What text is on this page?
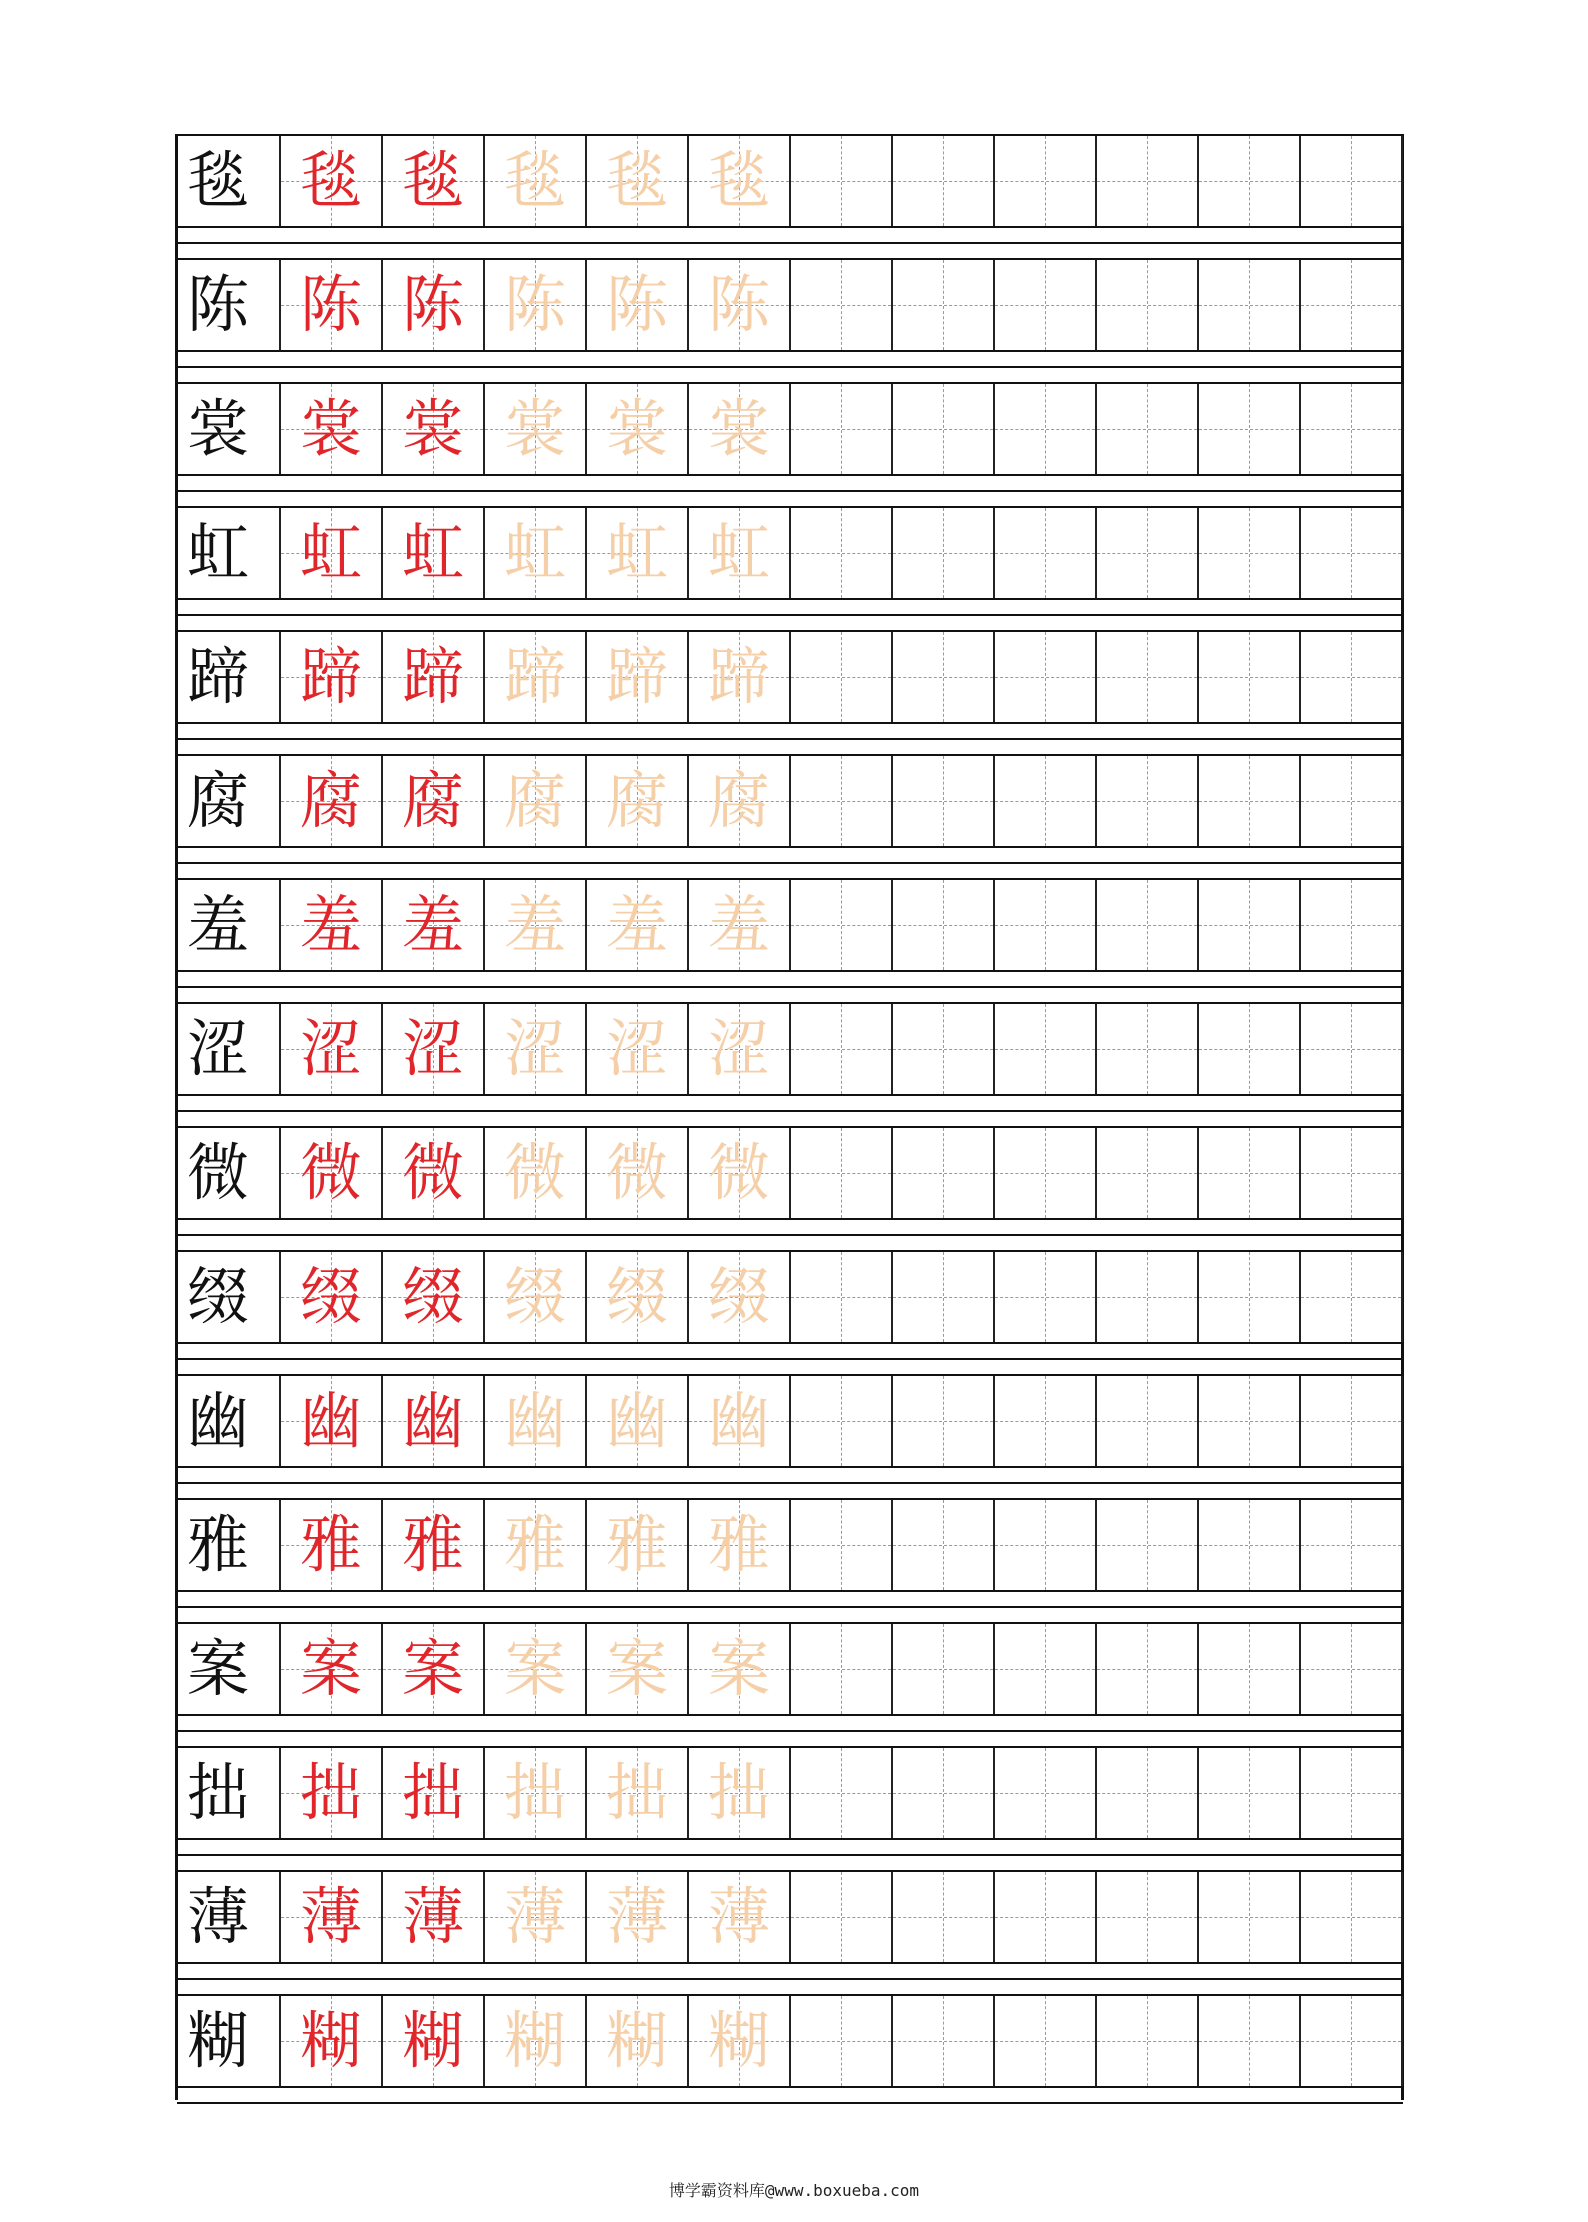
毯 毯 毯 毯 毯 毯
陈 陈 陈 陈 陈 陈
裳 裳 裳 裳 裳 裳
虹 虹 虹 虹 虹 虹
蹄 蹄 蹄 蹄 蹄 蹄
腐 腐 腐 腐 腐 腐
羞 羞 羞 羞 羞 羞
涩 涩 涩 涩 涩 涩
微 微 微 微 微 微
缀 缀 缀 缀 缀 缀
幽 幽 幽 幽 幽 幽
雅 雅 雅 雅 雅 雅
案 案 案 案 案 案
拙 拙 拙 拙 拙 拙
薄 薄 薄 薄 薄 薄
糊 糊 糊 糊 糊 糊
博学霸资料库@www.boxueba.com
